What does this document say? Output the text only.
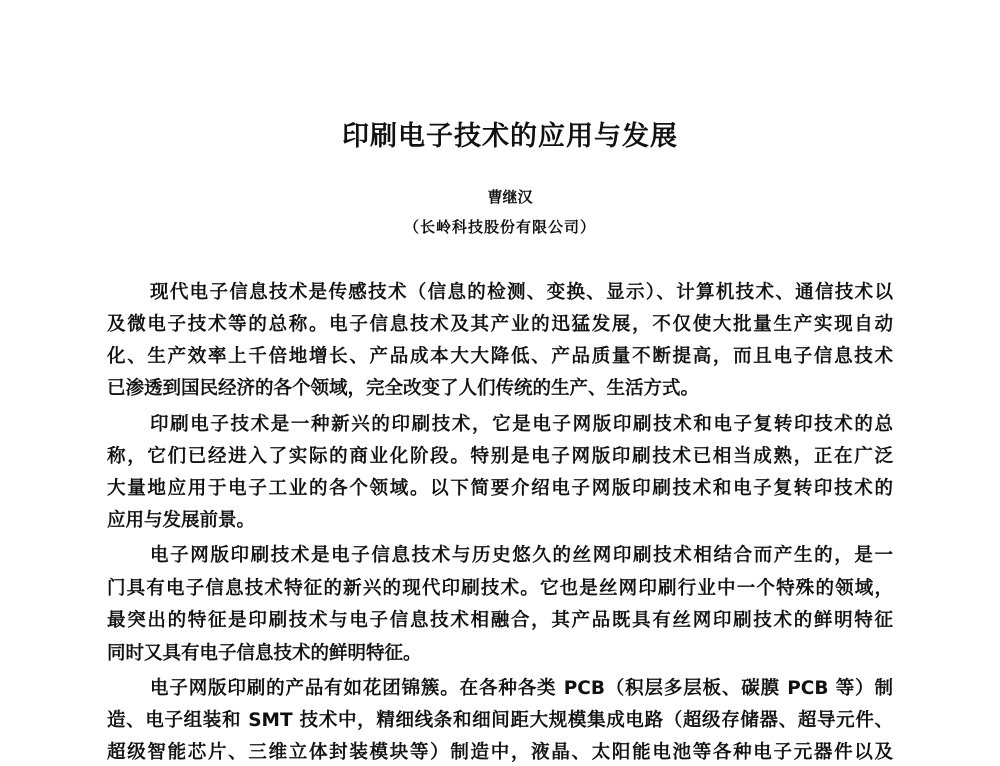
印刷电子技术的应用与发展
曹继汉
（长岭科技股份有限公司）
现代电子信息技术是传感技术（信息的检测、变换、显示）、计算机技术、通信技术以
及微电子技术等的总称。电子信息技术及其产业的迅猛发展，不仅使大批量生产实现自动
化、生产效率上千倍地增长、产品成本大大降低、产品质量不断提高，而且电子信息技术
已渗透到国民经济的各个领域，完全改变了人们传统的生产、生活方式。
印刷电子技术是一种新兴的印刷技术，它是电子网版印刷技术和电子复转印技术的总
称，它们已经进入了实际的商业化阶段。特别是电子网版印刷技术已相当成熟，正在广泛
大量地应用于电子工业的各个领域。以下简要介绍电子网版印刷技术和电子复转印技术的
应用与发展前景。
电子网版印刷技术是电子信息技术与历史悠久的丝网印刷技术相结合而产生的，是一
门具有电子信息技术特征的新兴的现代印刷技术。它也是丝网印刷行业中一个特殊的领域，
最突出的特征是印刷技术与电子信息技术相融合，其产品既具有丝网印刷技术的鲜明特征
同时又具有电子信息技术的鲜明特征。
电子网版印刷的产品有如花团锦簇。在各种各类 PCB（积层多层板、碳膜 PCB 等）制
造、电子组装和 SMT 技术中，精细线条和细间距大规模集成电路（超级存储器、超导元件、
超级智能芯片、三维立体封装模块等）制造中，液晶、太阳能电池等各种电子元器件以及
